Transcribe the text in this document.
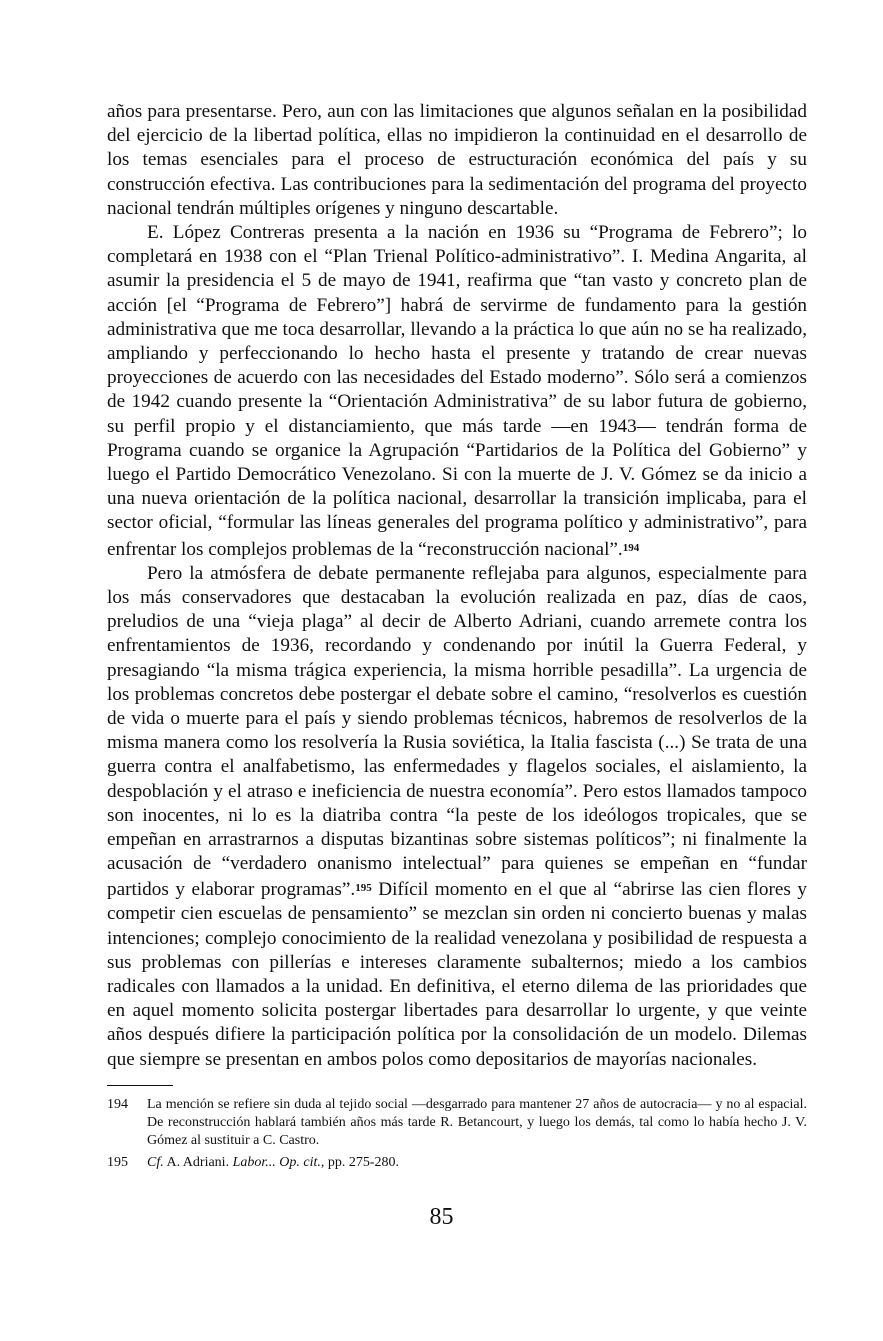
años para presentarse. Pero, aun con las limitaciones que algunos señalan en la posibilidad del ejercicio de la libertad política, ellas no impidieron la continuidad en el desarrollo de los temas esenciales para el proceso de estructuración económica del país y su construcción efectiva. Las contribuciones para la sedimentación del programa del proyecto nacional tendrán múltiples orígenes y ninguno descartable.

E. López Contreras presenta a la nación en 1936 su “Programa de Febrero”; lo completará en 1938 con el “Plan Trienal Político-administrativo”. I. Medina Angarita, al asumir la presidencia el 5 de mayo de 1941, reafirma que “tan vasto y concreto plan de acción [el “Programa de Febrero”] habrá de servirme de fundamento para la gestión administrativa que me toca desarrollar, llevando a la práctica lo que aún no se ha realizado, ampliando y perfeccionando lo hecho hasta el presente y tratando de crear nuevas proyecciones de acuerdo con las necesidades del Estado moderno”. Sólo será a comienzos de 1942 cuando presente la “Orientación Administrativa” de su labor futura de gobierno, su perfil propio y el distanciamiento, que más tarde —en 1943— tendrán forma de Programa cuando se organice la Agrupación “Partidarios de la Política del Gobierno” y luego el Partido Democrático Venezolano. Si con la muerte de J. V. Gómez se da inicio a una nueva orientación de la política nacional, desarrollar la transición implicaba, para el sector oficial, “formular las líneas generales del programa político y administrativo”, para enfrentar los complejos problemas de la “reconstrucción nacional”.$^{194}$

Pero la atmósfera de debate permanente reflejaba para algunos, especialmente para los más conservadores que destacaban la evolución realizada en paz, días de caos, preludios de una “vieja plaga” al decir de Alberto Adriani, cuando arremete contra los enfrentamientos de 1936, recordando y condenando por inútil la Guerra Federal, y presagiando “la misma trágica experiencia, la misma horrible pesadilla”. La urgencia de los problemas concretos debe postergar el debate sobre el camino, “resolverlos es cuestión de vida o muerte para el país y siendo problemas técnicos, habremos de resolverlos de la misma manera como los resolvería la Rusia soviética, la Italia fascista (...) Se trata de una guerra contra el analfabetismo, las enfermedades y flagelos sociales, el aislamiento, la despoblación y el atraso e ineficiencia de nuestra economía”. Pero estos llamados tampoco son inocentes, ni lo es la diatriba contra “la peste de los ideólogos tropicales, que se empeñan en arrastrarnos a disputas bizantinas sobre sistemas políticos”; ni finalmente la acusación de “verdadero onanismo intelectual” para quienes se empeñan en “fundar partidos y elaborar programas”.$^{195}$ Difícil momento en el que al “abrirse las cien flores y competir cien escuelas de pensamiento” se mezclan sin orden ni concierto buenas y malas intenciones; complejo conocimiento de la realidad venezolana y posibilidad de respuesta a sus problemas con pillerías e intereses claramente subalternos; miedo a los cambios radicales con llamados a la unidad. En definitiva, el eterno dilema de las prioridades que en aquel momento solicita postergar libertades para desarrollar lo urgente, y que veinte años después difiere la participación política por la consolidación de un modelo. Dilemas que siempre se presentan en ambos polos como depositarios de mayorías nacionales.

194	La mención se refiere sin duda al tejido social —desgarrado para mantener 27 años de autocracia— y no al espacial. De reconstrucción hablará también años más tarde R. Betancourt, y luego los demás, tal como lo había hecho J. V. Gómez al sustituir a C. Castro.
195	Cf. A. Adriani. Labor... Op. cit., pp. 275-280.
85
